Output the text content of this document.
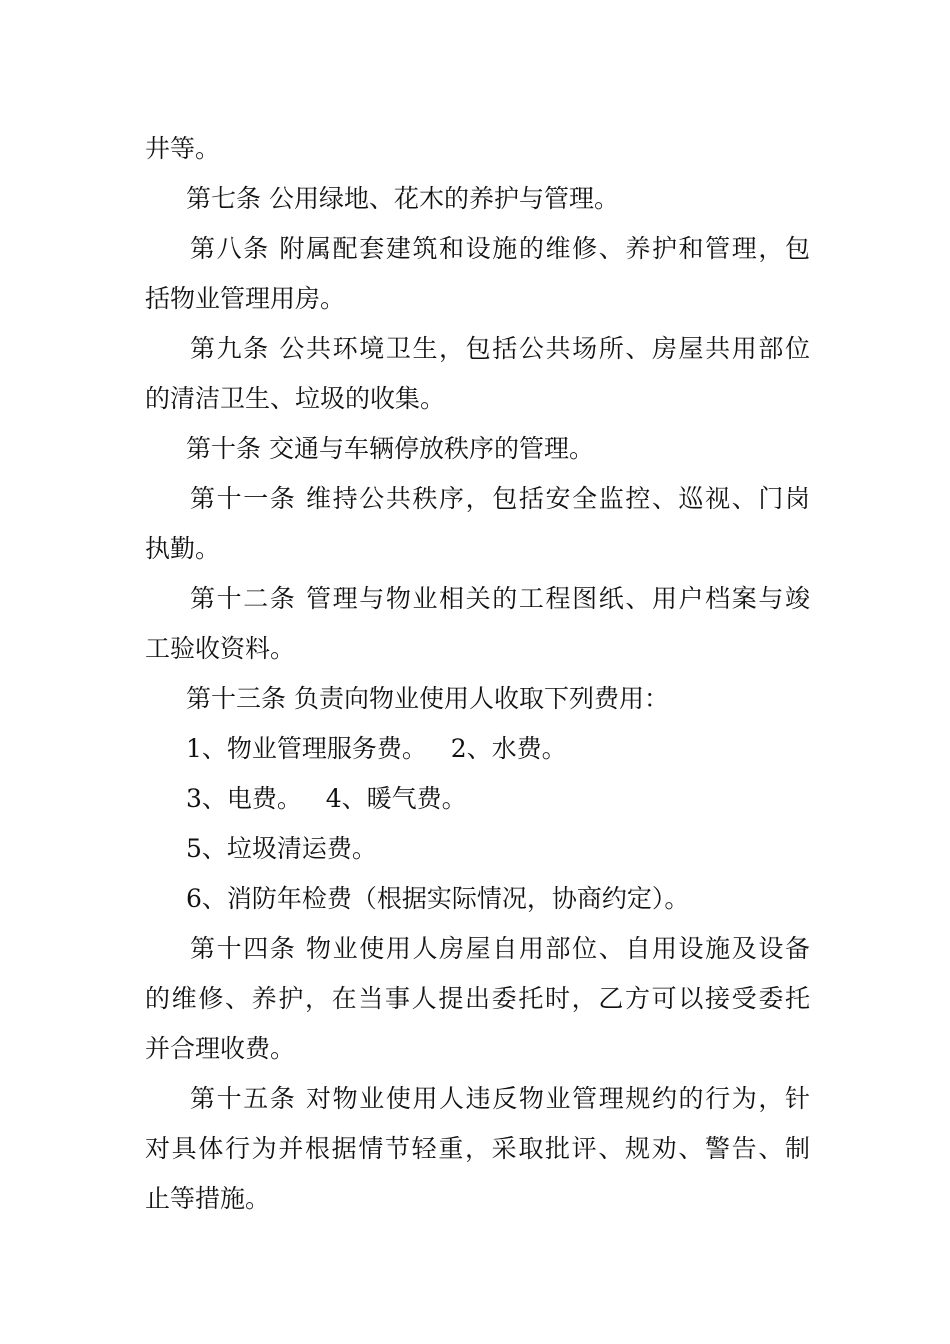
井等。
第七条 公用绿地、花木的养护与管理。
第八条 附属配套建筑和设施的维修、养护和管理，包
括物业管理用房。
第九条 公共环境卫生，包括公共场所、房屋共用部位
的清洁卫生、垃圾的收集。
第十条 交通与车辆停放秩序的管理。
第十一条 维持公共秩序，包括安全监控、巡视、门岗
执勤。
第十二条 管理与物业相关的工程图纸、用户档案与竣
工验收资料。
第十三条 负责向物业使用人收取下列费用：
1、物业管理服务费。   2、水费。
3、电费。   4、暖气费。
5、垃圾清运费。
6、消防年检费（根据实际情况，协商约定）。
第十四条 物业使用人房屋自用部位、自用设施及设备
的维修、养护，在当事人提出委托时，乙方可以接受委托
并合理收费。
第十五条 对物业使用人违反物业管理规约的行为，针
对具体行为并根据情节轻重，采取批评、规劝、警告、制
止等措施。
